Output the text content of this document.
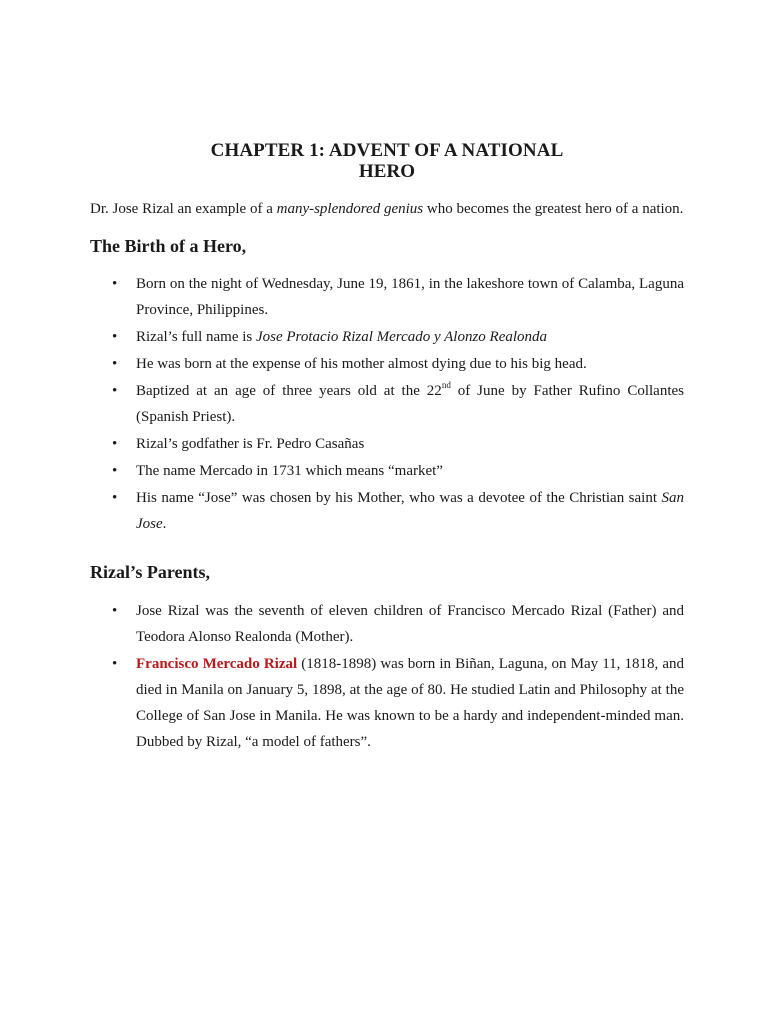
CHAPTER 1: ADVENT OF A NATIONAL
HERO

Dr. Jose Rizal an example of a many-splendored genius who becomes the greatest hero of a nation.

The Birth of a Hero,
• Born on the night of Wednesday, June 19, 1861, in the lakeshore town of Calamba, Laguna Province, Philippines.
• Rizal’s full name is Jose Protacio Rizal Mercado y Alonzo Realonda
• He was born at the expense of his mother almost dying due to his big head.
• Baptized at an age of three years old at the 22nd of June by Father Rufino Collantes (Spanish Priest).
• Rizal’s godfather is Fr. Pedro Casañas
• The name Mercado in 1731 which means “market”
• His name “Jose” was chosen by his Mother, who was a devotee of the Christian saint San Jose.
Rizal’s Parents,
• Jose Rizal was the seventh of eleven children of Francisco Mercado Rizal (Father) and Teodora Alonso Realonda (Mother).
• Francisco Mercado Rizal (1818-1898) was born in Biñan, Laguna, on May 11, 1818, and died in Manila on January 5, 1898, at the age of 80. He studied Latin and Philosophy at the College of San Jose in Manila. He was known to be a hardy and independent-minded man. Dubbed by Rizal, “a model of fathers”.
